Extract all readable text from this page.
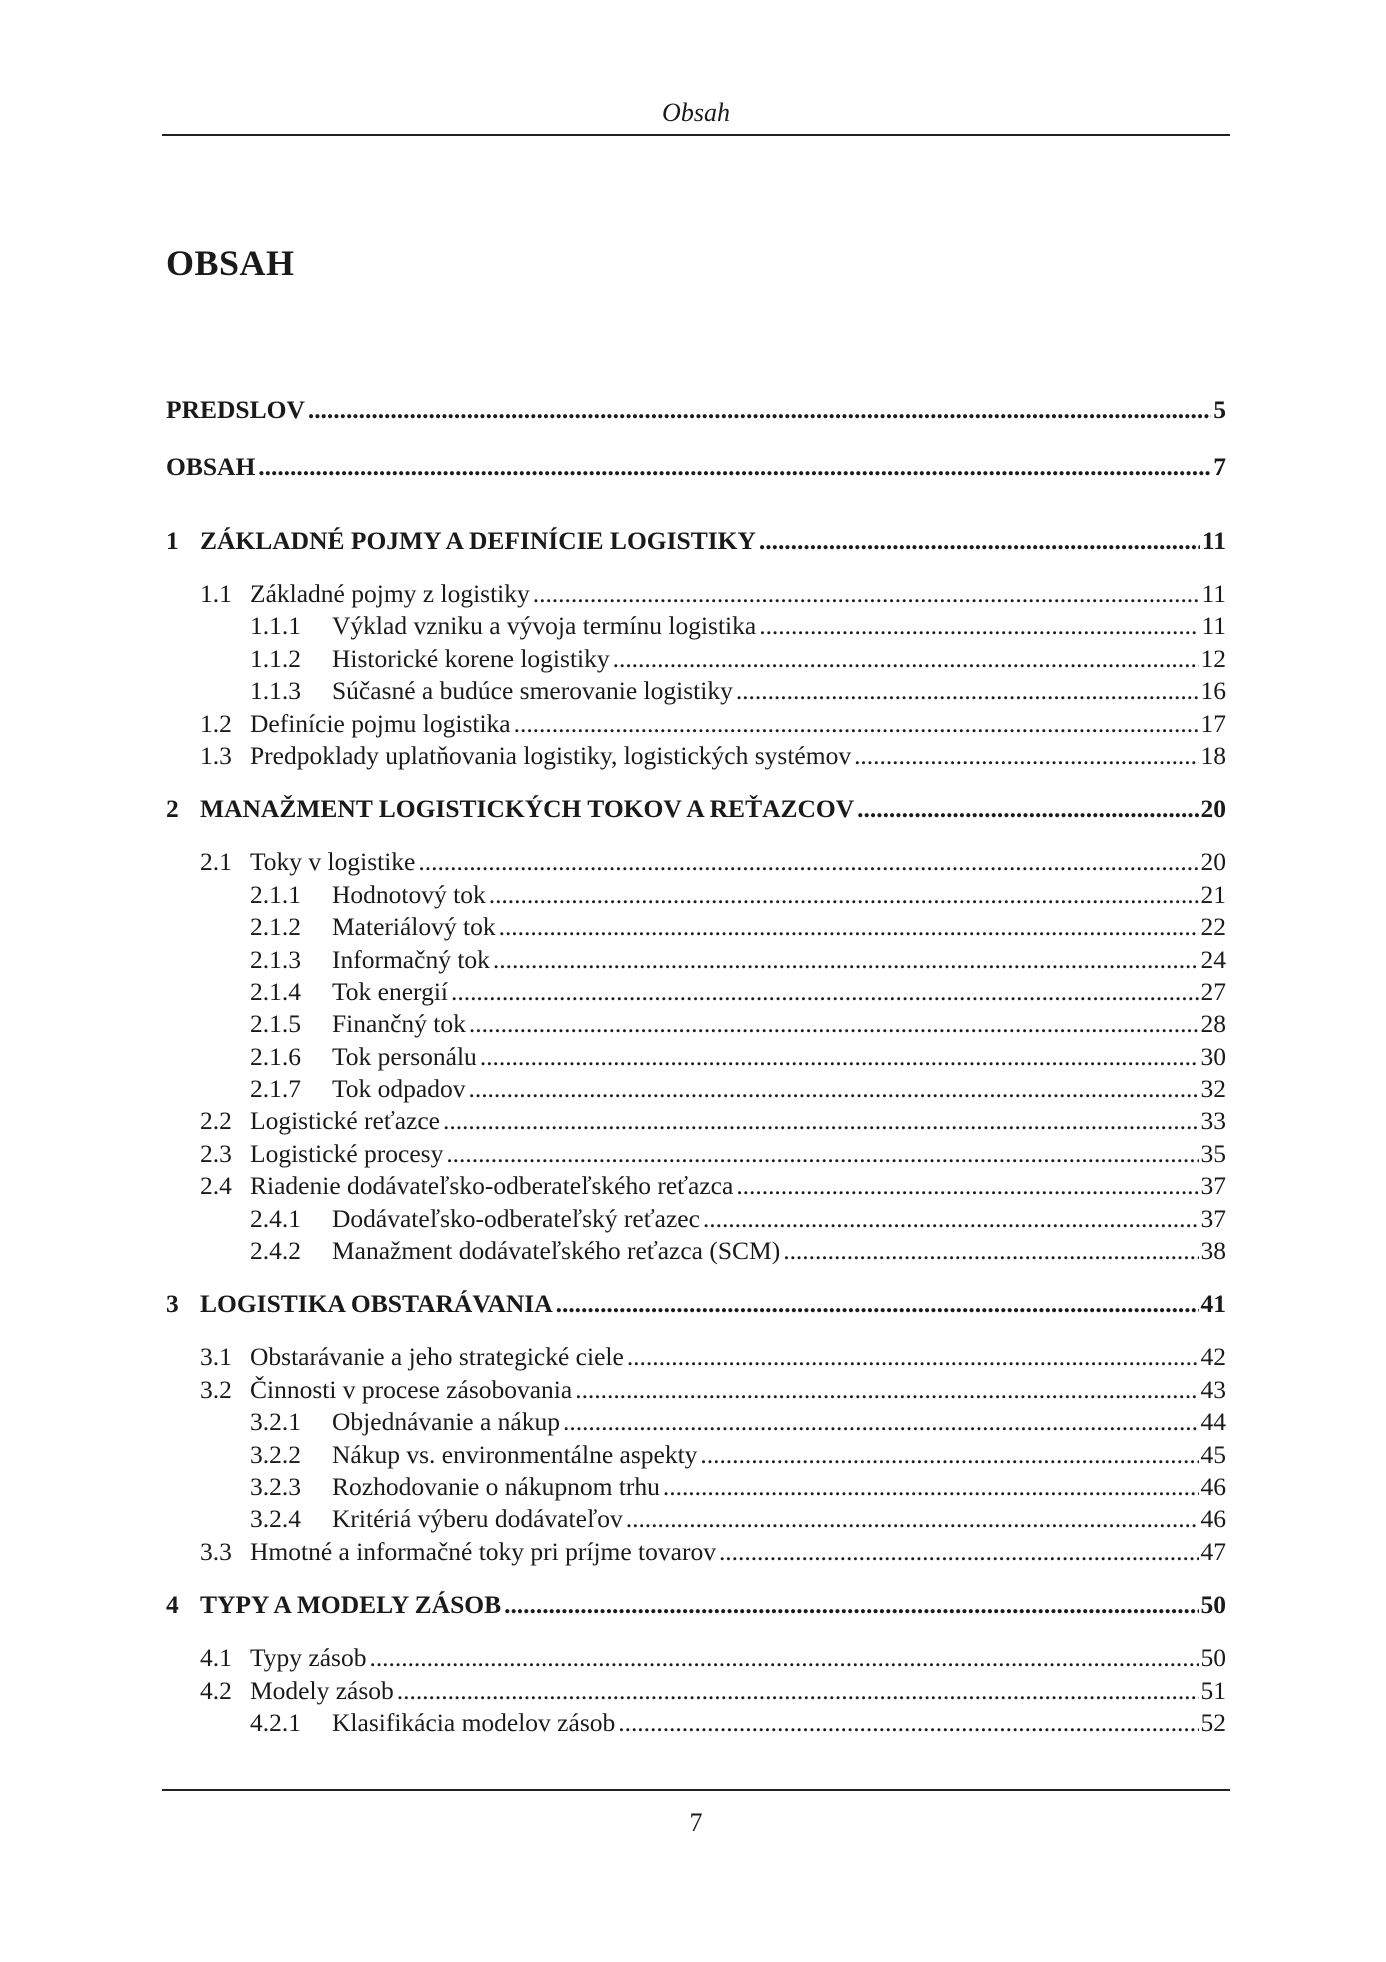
Obsah
OBSAH
PREDSLOV . . .	5
OBSAH . . .	7
1 ZÁKLADNÉ POJMY A DEFINÍCIE LOGISTIKY . . .	11
1.1 Základné pojmy z logistiky . . .	11
1.1.1	Výklad vzniku a vývoja termínu logistika . . .	11
1.1.2	Historické korene logistiky . . .	12
1.1.3	Súčasné a budúce smerovanie logistiky . . .	16
1.2 Definície pojmu logistika . . .	17
1.3 Predpoklady uplatňovania logistiky, logistických systémov . . .	18
2 MANAŽMENT LOGISTICKÝCH TOKOV A REŤAZCOV . . .	20
2.1 Toky v logistike . . .	20
2.1.1	Hodnotový tok . . .	21
2.1.2	Materiálový tok . . .	22
2.1.3	Informačný tok . . .	24
2.1.4	Tok energií . . .	27
2.1.5	Finančný tok . . .	28
2.1.6	Tok personálu . . .	30
2.1.7	Tok odpadov . . .	32
2.2 Logistické reťazce . . .	33
2.3 Logistické procesy . . .	35
2.4 Riadenie dodávateľsko-odberateľského reťazca . . .	37
2.4.1	Dodávateľsko-odberateľský reťazec . . .	37
2.4.2	Manažment dodávateľského reťazca (SCM) . . .	38
3 LOGISTIKA OBSTARÁVANIA . . .	41
3.1 Obstarávanie a jeho strategické ciele . . .	42
3.2 Činnosti v procese zásobovania . . .	43
3.2.1	Objednávanie a nákup . . .	44
3.2.2	Nákup vs. environmentálne aspekty . . .	45
3.2.3	Rozhodovanie o nákupnom trhu . . .	46
3.2.4	Kritériá výberu dodávateľov . . .	46
3.3 Hmotné a informačné toky pri príjme tovarov . . .	47
4 TYPY A MODELY ZÁSOB . . .	50
4.1 Typy zásob . . .	50
4.2 Modely zásob . . .	51
4.2.1	Klasifikácia modelov zásob . . .	52
7
